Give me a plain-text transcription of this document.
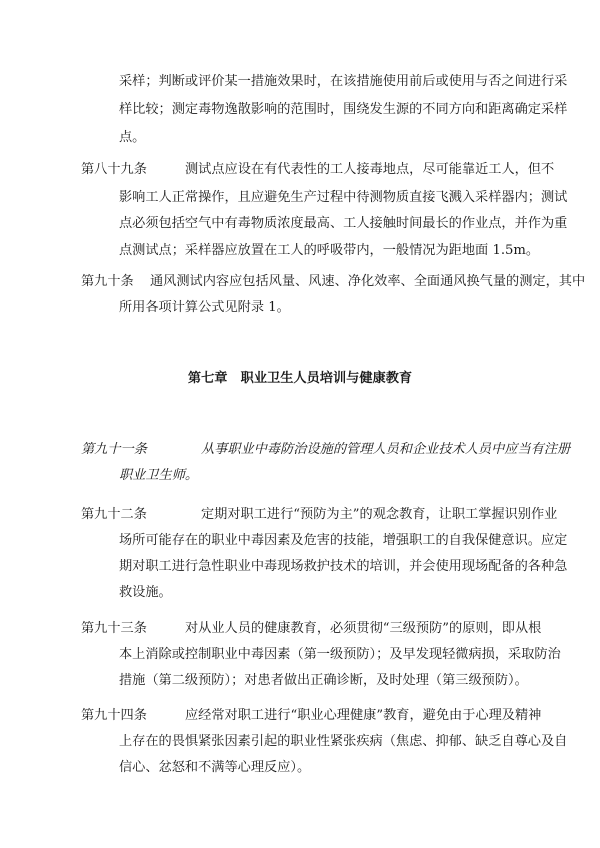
采样；判断或评价某一措施效果时，在该措施使用前后或使用与否之间进行采
样比较；测定毒物逸散影响的范围时，围绕发生源的不同方向和距离确定采样
点。
第八十九条	测试点应设在有代表性的工人接毒地点，尽可能靠近工人，但不
影响工人正常操作，且应避免生产过程中待测物质直接飞溅入采样器内；测试
点必须包括空气中有毒物质浓度最高、工人接触时间最长的作业点，并作为重
点测试点；采样器应放置在工人的呼吸带内，一般情况为距地面 1.5m。
第九十条 通风测试内容应包括风量、风速、净化效率、全面通风换气量的测定，其中
所用各项计算公式见附录 1。
第七章　职业卫生人员培训与健康教育
第九十一条	从事职业中毒防治设施的管理人员和企业技术人员中应当有注册
职业卫生师。
第九十二条	定期对职工进行“预防为主”的观念教育，让职工掌握识别作业
场所可能存在的职业中毒因素及危害的技能，增强职工的自我保健意识。应定
期对职工进行急性职业中毒现场救护技术的培训，并会使用现场配备的各种急
救设施。
第九十三条	对从业人员的健康教育，必须贯彻“三级预防”的原则，即从根
本上消除或控制职业中毒因素（第一级预防）；及早发现轻微病损，采取防治
措施（第二级预防）；对患者做出正确诊断，及时处理（第三级预防）。
第九十四条	应经常对职工进行“职业心理健康”教育，避免由于心理及精神
上存在的畏惧紧张因素引起的职业性紧张疾病（焦虑、抑郁、缺乏自尊心及自
信心、忿怒和不满等心理反应）。
